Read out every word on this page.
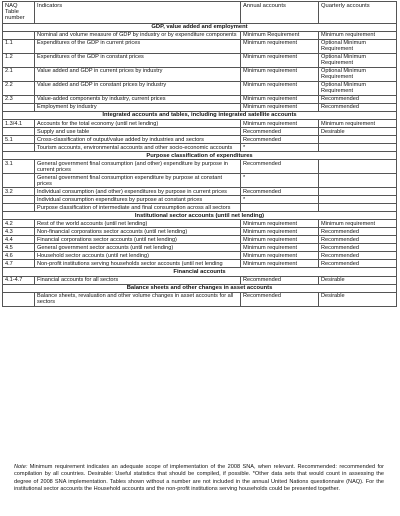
NAQ Table number	Indicators	Annual accounts	Quarterly accounts
GDP, value added and employment			
	Nominal and volume measure of GDP by industry or by expenditure components	Minimum Requirement	Minimum requirement
1.1	Expenditures of the GDP in current prices	Minimum requirement	Optional Minimum Requirement
1.2	Expenditures of the GDP in constant prices	Minimum requirement	Optional Minimum Requirement
2.1	Value added and GDP in current prices by industry	Minimum requirement	Optional Minimum Requirement
2.2	Value added and GDP in constant prices by industry	Minimum requirement	Optional Minimum Requirement
2.3	Value-added components by industry, current prices	Minimum requirement	Recommended
	Employment by industry	Minimum requirement	Recommended
Integrated accounts and tables, including integrated satellite accounts			
1.3/4.1	Accounts for the total economy (until net lending)	Minimum requirement	Minimum requirement
	Supply and use table	Recommended	Desirable
5.1	Cross-classification of output/value added by industries and sectors	Recommended	
	Tourism accounts, environmental accounts and other socio-economic accounts	*	
Purpose classification of expenditures			
3.1	General government final consumption (and other) expenditure by purpose in current prices	Recommended	
	General government final consumption expenditure by purpose at constant prices	*	
3.2	Individual consumption (and other) expenditures by purpose in current prices	Recommended	
	Individual consumption expenditures by purpose at constant prices	*	
	Purpose classification of intermediate and final consumption across all sectors		
Institutional sector accounts (until net lending)			
4.2	Rest of the world accounts (until net lending)	Minimum requirement	Minimum requirement
4.3	Non-financial corporations sector accounts (until net lending)	Minimum requirement	Recommended
4.4	Financial corporations sector accounts (until net lending)	Minimum requirement	Recommended
4.5	General government sector accounts (until net lending)	Minimum requirement	Recommended
4.6	Household sector accounts (until net lending)	Minimum requirement	Recommended
4.7	Non-profit institutions serving households sector accounts (until net lending	Minimum requirement	Recommended
Financial accounts			
4.1-4.7	Financial accounts for all sectors	Recommended	Desirable
Balance sheets and other changes in asset accounts			
	Balance sheets, revaluation and other volume changes in asset accounts for all sectors	Recommended	Desirable
Note: Minimum requirement indicates an adequate scope of implementation of the 2008 SNA, when relevant. Recommended: recommended for compilation by all countries. Desirable: Useful statistics that should be compiled, if possible. *Other data sets that would count in assessing the degree of 2008 SNA implementation. Tables shown without a number are not included in the annual United Nations questionnaire (NAQ). For the institutional sector accounts the Household accounts and the non-profit institutions serving households could be presented together.
